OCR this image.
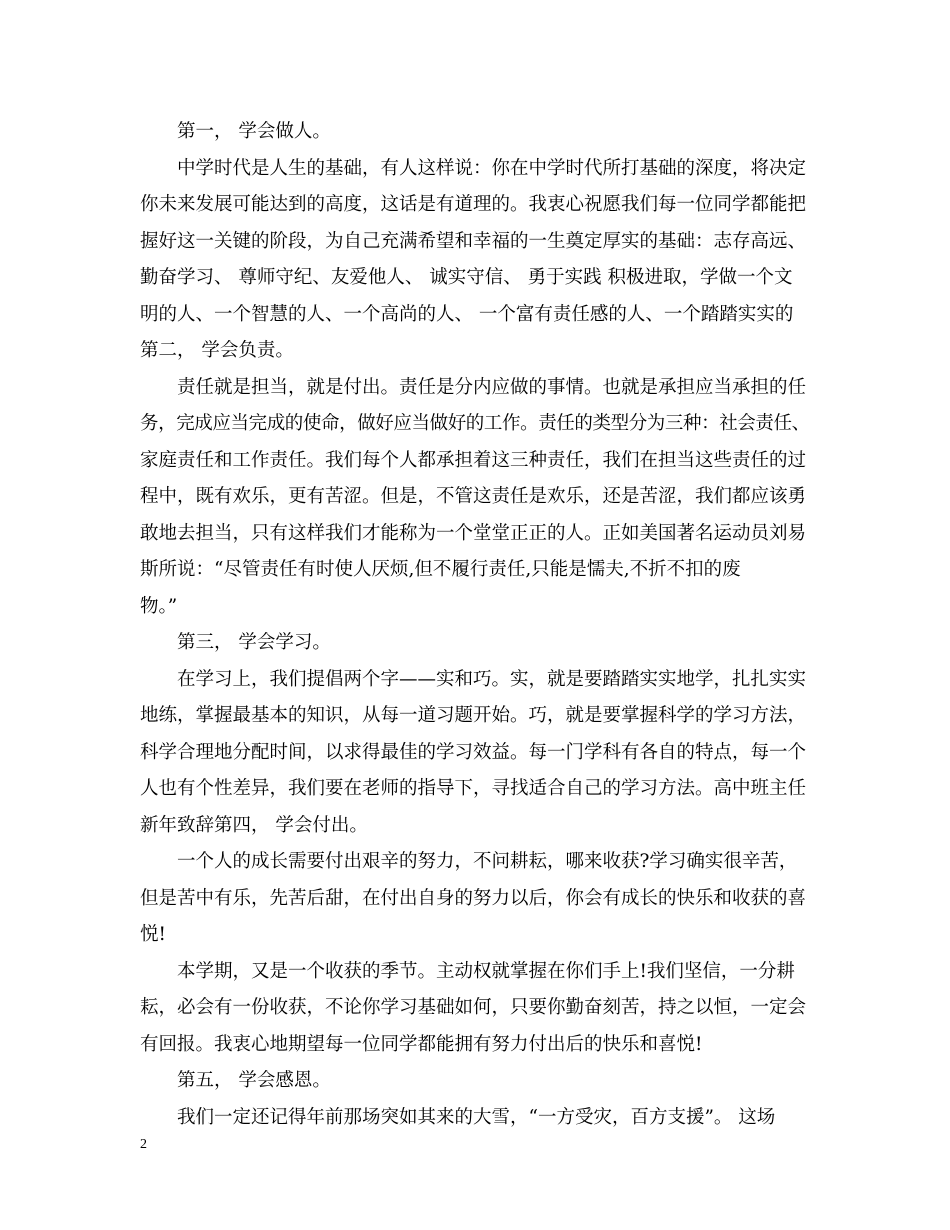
第一， 学会做人。
中学时代是人生的基础，有人这样说：你在中学时代所打基础的深度，将决定
你未来发展可能达到的高度，这话是有道理的。我衷心祝愿我们每一位同学都能把
握好这一关键的阶段，为自己充满希望和幸福的一生奠定厚实的基础：志存高远、
勤奋学习、 尊师守纪、友爱他人、 诚实守信、 勇于实践 积极进取，学做一个文
明的人、一个智慧的人、一个高尚的人、 一个富有责任感的人、一个踏踏实实的
第二， 学会负责。
责任就是担当，就是付出。责任是分内应做的事情。也就是承担应当承担的任
务，完成应当完成的使命，做好应当做好的工作。责任的类型分为三种：社会责任、
家庭责任和工作责任。我们每个人都承担着这三种责任，我们在担当这些责任的过
程中，既有欢乐，更有苦涩。但是，不管这责任是欢乐，还是苦涩，我们都应该勇
敢地去担当，只有这样我们才能称为一个堂堂正正的人。正如美国著名运动员刘易
斯所说：“尽管责任有时使人厌烦,但不履行责任,只能是懦夫,不折不扣的废
物。”
第三， 学会学习。
在学习上，我们提倡两个字——实和巧。实，就是要踏踏实实地学，扎扎实实
地练，掌握最基本的知识，从每一道习题开始。巧，就是要掌握科学的学习方法，
科学合理地分配时间，以求得最佳的学习效益。每一门学科有各自的特点，每一个
人也有个性差异，我们要在老师的指导下，寻找适合自己的学习方法。高中班主任
新年致辞第四， 学会付出。
一个人的成长需要付出艰辛的努力，不问耕耘，哪来收获?学习确实很辛苦，
但是苦中有乐，先苦后甜，在付出自身的努力以后，你会有成长的快乐和收获的喜
悦!
本学期，又是一个收获的季节。主动权就掌握在你们手上!我们坚信，一分耕
耘，必会有一份收获，不论你学习基础如何，只要你勤奋刻苦，持之以恒，一定会
有回报。我衷心地期望每一位同学都能拥有努力付出后的快乐和喜悦!
第五， 学会感恩。
我们一定还记得年前那场突如其来的大雪，“一方受灾，百方支援”。 这场
2
